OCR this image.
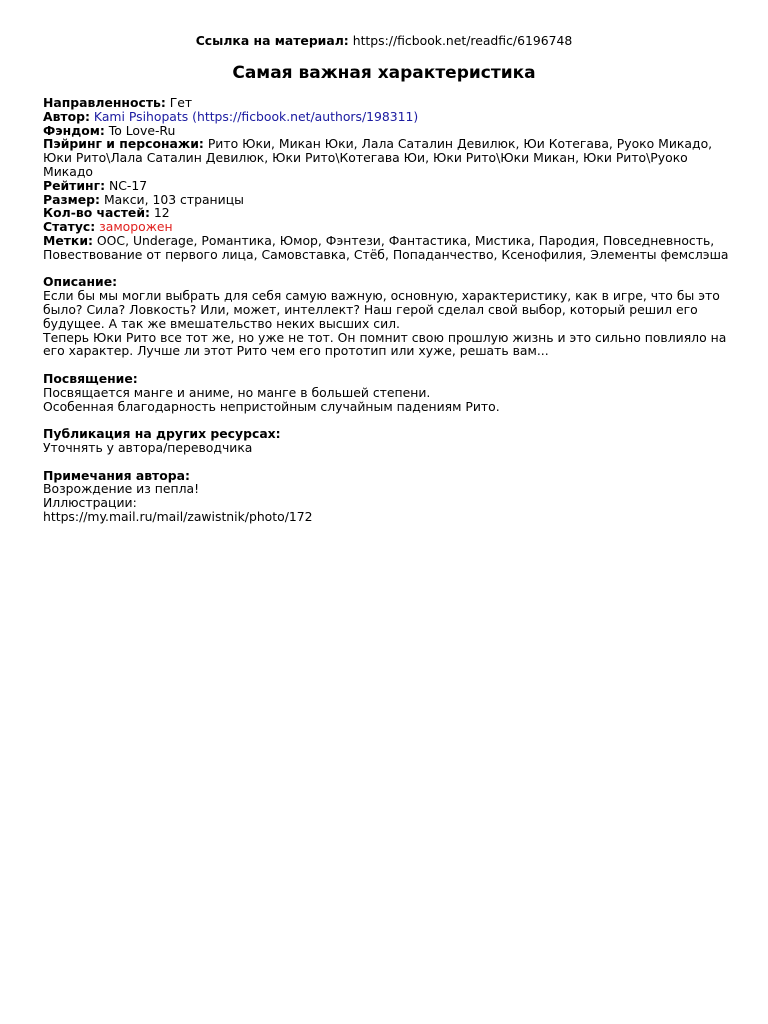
Ссылка на материал: https://ficbook.net/readfic/6196748
Самая важная характеристика

Направленность: Гет

Автор: Kami Psihopats (https://ficbook.net/authors/198311)

Фэндом: To Love-Ru

Пэйринг и персонажи: Рито Юки, Микан Юки, Лала Саталин Девилюк, Юи Котегава, Руоко Микадо, Юки Рито\Лала Саталин Девилюк, Юки Рито\Котегава Юи, Юки Рито\Юки Микан, Юки Рито\Руоко Микадо

Рейтинг: NC-17

Размер: Макси, 103 страницы

Кол-во частей: 12

Статус: заморожен

Метки: OOC, Underage, Романтика, Юмор, Фэнтези, Фантастика, Мистика, Пародия, Повседневность, Повествование от первого лица, Самовставка, Стёб, Попаданчество, Ксенофилия, Элементы фемслэша

Описание:

Если бы мы могли выбрать для себя самую важную, основную, характеристику, как в игре, что бы это было? Сила? Ловкость? Или, может, интеллект? Наш герой сделал свой выбор, который решил его будущее. А так же вмешательство неких высших сил.

Теперь Юки Рито все тот же, но уже не тот. Он помнит свою прошлую жизнь и это сильно повлияло на его характер. Лучше ли этот Рито чем его прототип или хуже, решать вам...

Посвящение:

Посвящается манге и аниме, но манге в большей степени.

Особенная благодарность непристойным случайным падениям Рито.

Публикация на других ресурсах:

Уточнять у автора/переводчика

Примечания автора:

Возрождение из пепла!

Иллюстрации:

https://my.mail.ru/mail/zawistnik/photo/172
